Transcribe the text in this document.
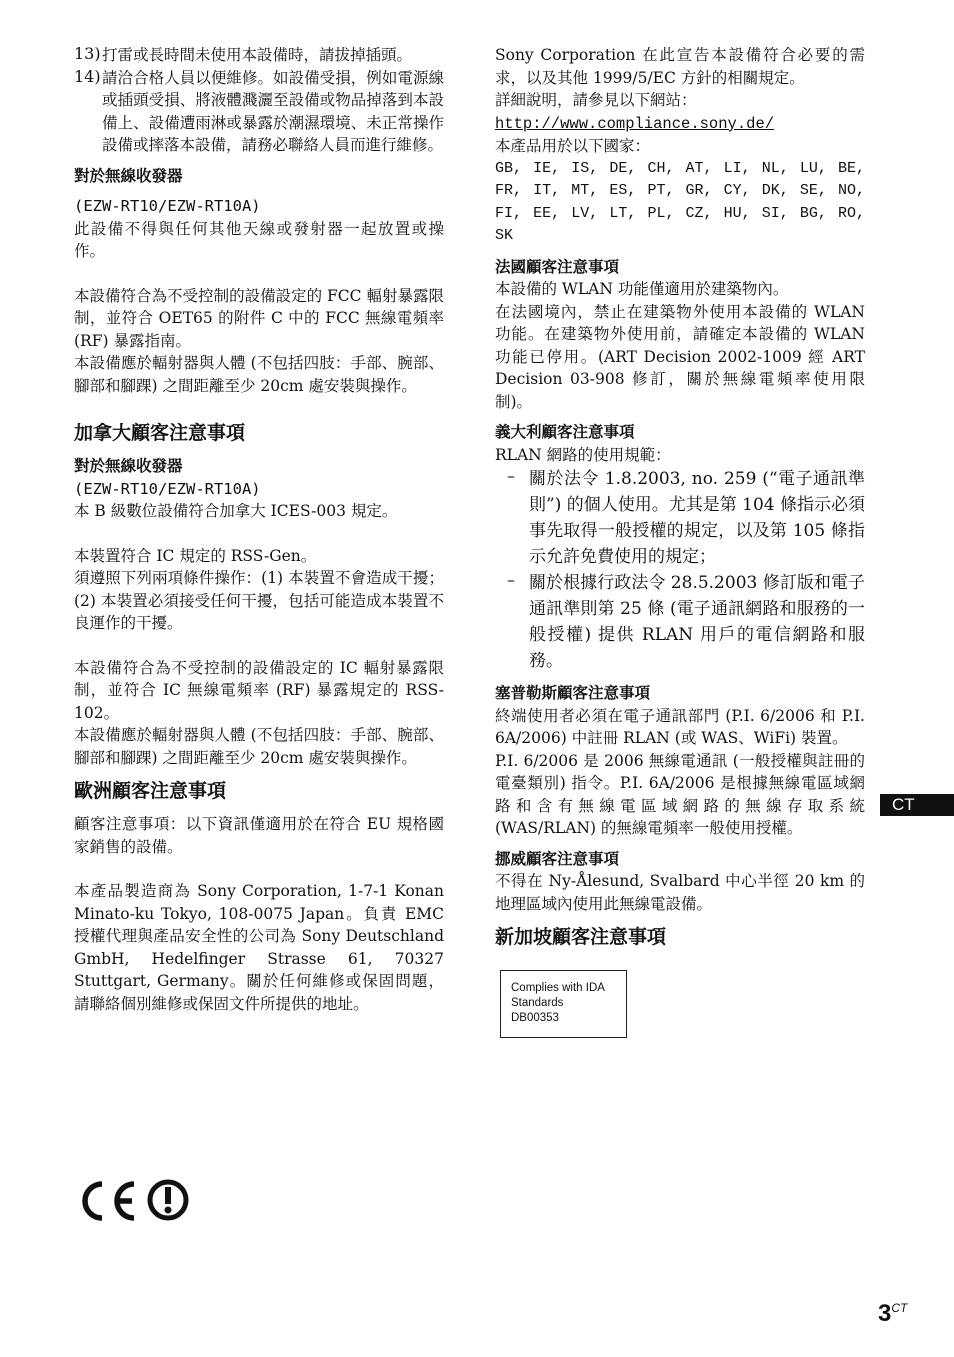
13) 打雷或長時間未使用本設備時，請拔掉插頭。

14) 請洽合格人員以便維修。如設備受損，例如電源線或插頭受損、將液體濺灑至設備或物品掉落到本設備上、設備遭雨淋或暴露於潮濕環境、未正常操作設備或摔落本設備，請務必聯絡人員而進行維修。

對於無線收發器

(EZW-RT10/EZW-RT10A)

此設備不得與任何其他天線或發射器一起放置或操作。

本設備符合為不受控制的設備設定的 FCC 輻射暴露限制，並符合 OET65 的附件 C 中的 FCC 無線電頻率 (RF) 暴露指南。

本設備應於輻射器與人體 (不包括四肢：手部、腕部、腳部和腳踝) 之間距離至少 20cm 處安裝與操作。

加拿大顧客注意事項

對於無線收發器

(EZW-RT10/EZW-RT10A)

本 B 級數位設備符合加拿大 ICES-003 規定。

本裝置符合 IC 規定的 RSS-Gen。

須遵照下列兩項條件操作：(1) 本裝置不會造成干擾；(2) 本裝置必須接受任何干擾，包括可能造成本裝置不良運作的干擾。

本設備符合為不受控制的設備設定的 IC 輻射暴露限制，並符合 IC 無線電頻率 (RF) 暴露規定的 RSS-102。

本設備應於輻射器與人體 (不包括四肢：手部、腕部、腳部和腳踝) 之間距離至少 20cm 處安裝與操作。

歐洲顧客注意事項

顧客注意事項：以下資訊僅適用於在符合 EU 規格國家銷售的設備。

本產品製造商為 Sony Corporation, 1-7-1 Konan Minato-ku Tokyo, 108-0075 Japan。負責 EMC 授權代理與產品安全性的公司為 Sony Deutschland GmbH, Hedelfinger Strasse 61, 70327 Stuttgart, Germany。關於任何維修或保固問題，請聯絡個別維修或保固文件所提供的地址。

Sony Corporation 在此宣告本設備符合必要的需求，以及其他 1999/5/EC 方針的相關規定。

詳細說明，請參見以下網站：

http://www.compliance.sony.de/

本產品用於以下國家：

GB, IE, IS, DE, CH, AT, LI, NL, LU, BE, FR, IT, MT, ES, PT, GR, CY, DK, SE, NO, FI, EE, LV, LT, PL, CZ, HU, SI, BG, RO, SK

法國顧客注意事項

本設備的 WLAN 功能僅適用於建築物內。

在法國境內，禁止在建築物外使用本設備的 WLAN 功能。在建築物外使用前，請確定本設備的 WLAN 功能已停用。(ART Decision 2002-1009 經 ART Decision 03-908 修訂，關於無線電頻率使用限制)。

義大利顧客注意事項

RLAN 網路的使用規範：

– 關於法令 1.8.2003, no. 259 (“電子通訊準則”) 的個人使用。尤其是第 104 條指示必須事先取得一般授權的規定，以及第 105 條指示允許免費使用的規定；

– 關於根據行政法令 28.5.2003 修訂版和電子通訊準則第 25 條 (電子通訊網路和服務的一般授權) 提供 RLAN 用戶的電信網路和服務。

塞普勒斯顧客注意事項

終端使用者必須在電子通訊部門 (P.I. 6/2006 和 P.I. 6A/2006) 中註冊 RLAN (或 WAS、WiFi) 裝置。

P.I. 6/2006 是 2006 無線電通訊 (一般授權與註冊的電臺類別) 指令。P.I. 6A/2006 是根據無線電區域網路和含有無線電區域網路的無線存取系統 (WAS/RLAN) 的無線電頻率一般使用授權。

挪威顧客注意事項

不得在 Ny-Ålesund, Svalbard 中心半徑 20 km 的地理區域內使用此無線電設備。

新加坡顧客注意事項

Complies with IDA
Standards
DB00353
CT
$3^{CT}$
